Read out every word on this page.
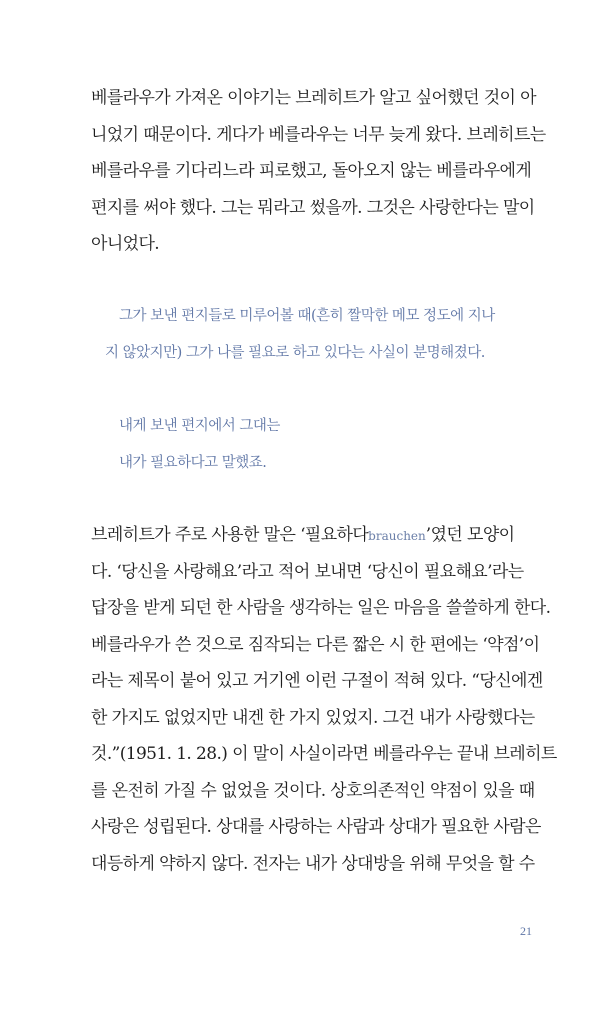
베를라우가 가져온 이야기는 브레히트가 알고 싶어했던 것이 아
니었기 때문이다. 게다가 베를라우는 너무 늦게 왔다. 브레히트는
베를라우를 기다리느라 피로했고, 돌아오지 않는 베를라우에게
편지를 써야 했다. 그는 뭐라고 썼을까. 그것은 사랑한다는 말이
아니었다.
그가 보낸 편지들로 미루어볼 때(흔히 짤막한 메모 정도에 지나
지 않았지만) 그가 나를 필요로 하고 있다는 사실이 분명해졌다.
내게 보낸 편지에서 그대는
내가 필요하다고 말했죠.
브레히트가 주로 사용한 말은 ‘필요하다brauchen’였던 모양이
다. ‘당신을 사랑해요’라고 적어 보내면 ‘당신이 필요해요’라는
답장을 받게 되던 한 사람을 생각하는 일은 마음을 쓸쓸하게 한다.
베를라우가 쓴 것으로 짐작되는 다른 짧은 시 한 편에는 ‘약점’이
라는 제목이 붙어 있고 거기엔 이런 구절이 적혀 있다. “당신에겐
한 가지도 없었지만 내겐 한 가지 있었지. 그건 내가 사랑했다는
것.”(1951. 1. 28.) 이 말이 사실이라면 베를라우는 끝내 브레히트
를 온전히 가질 수 없었을 것이다. 상호의존적인 약점이 있을 때
사랑은 성립된다. 상대를 사랑하는 사람과 상대가 필요한 사람은
대등하게 약하지 않다. 전자는 내가 상대방을 위해 무엇을 할 수
21
